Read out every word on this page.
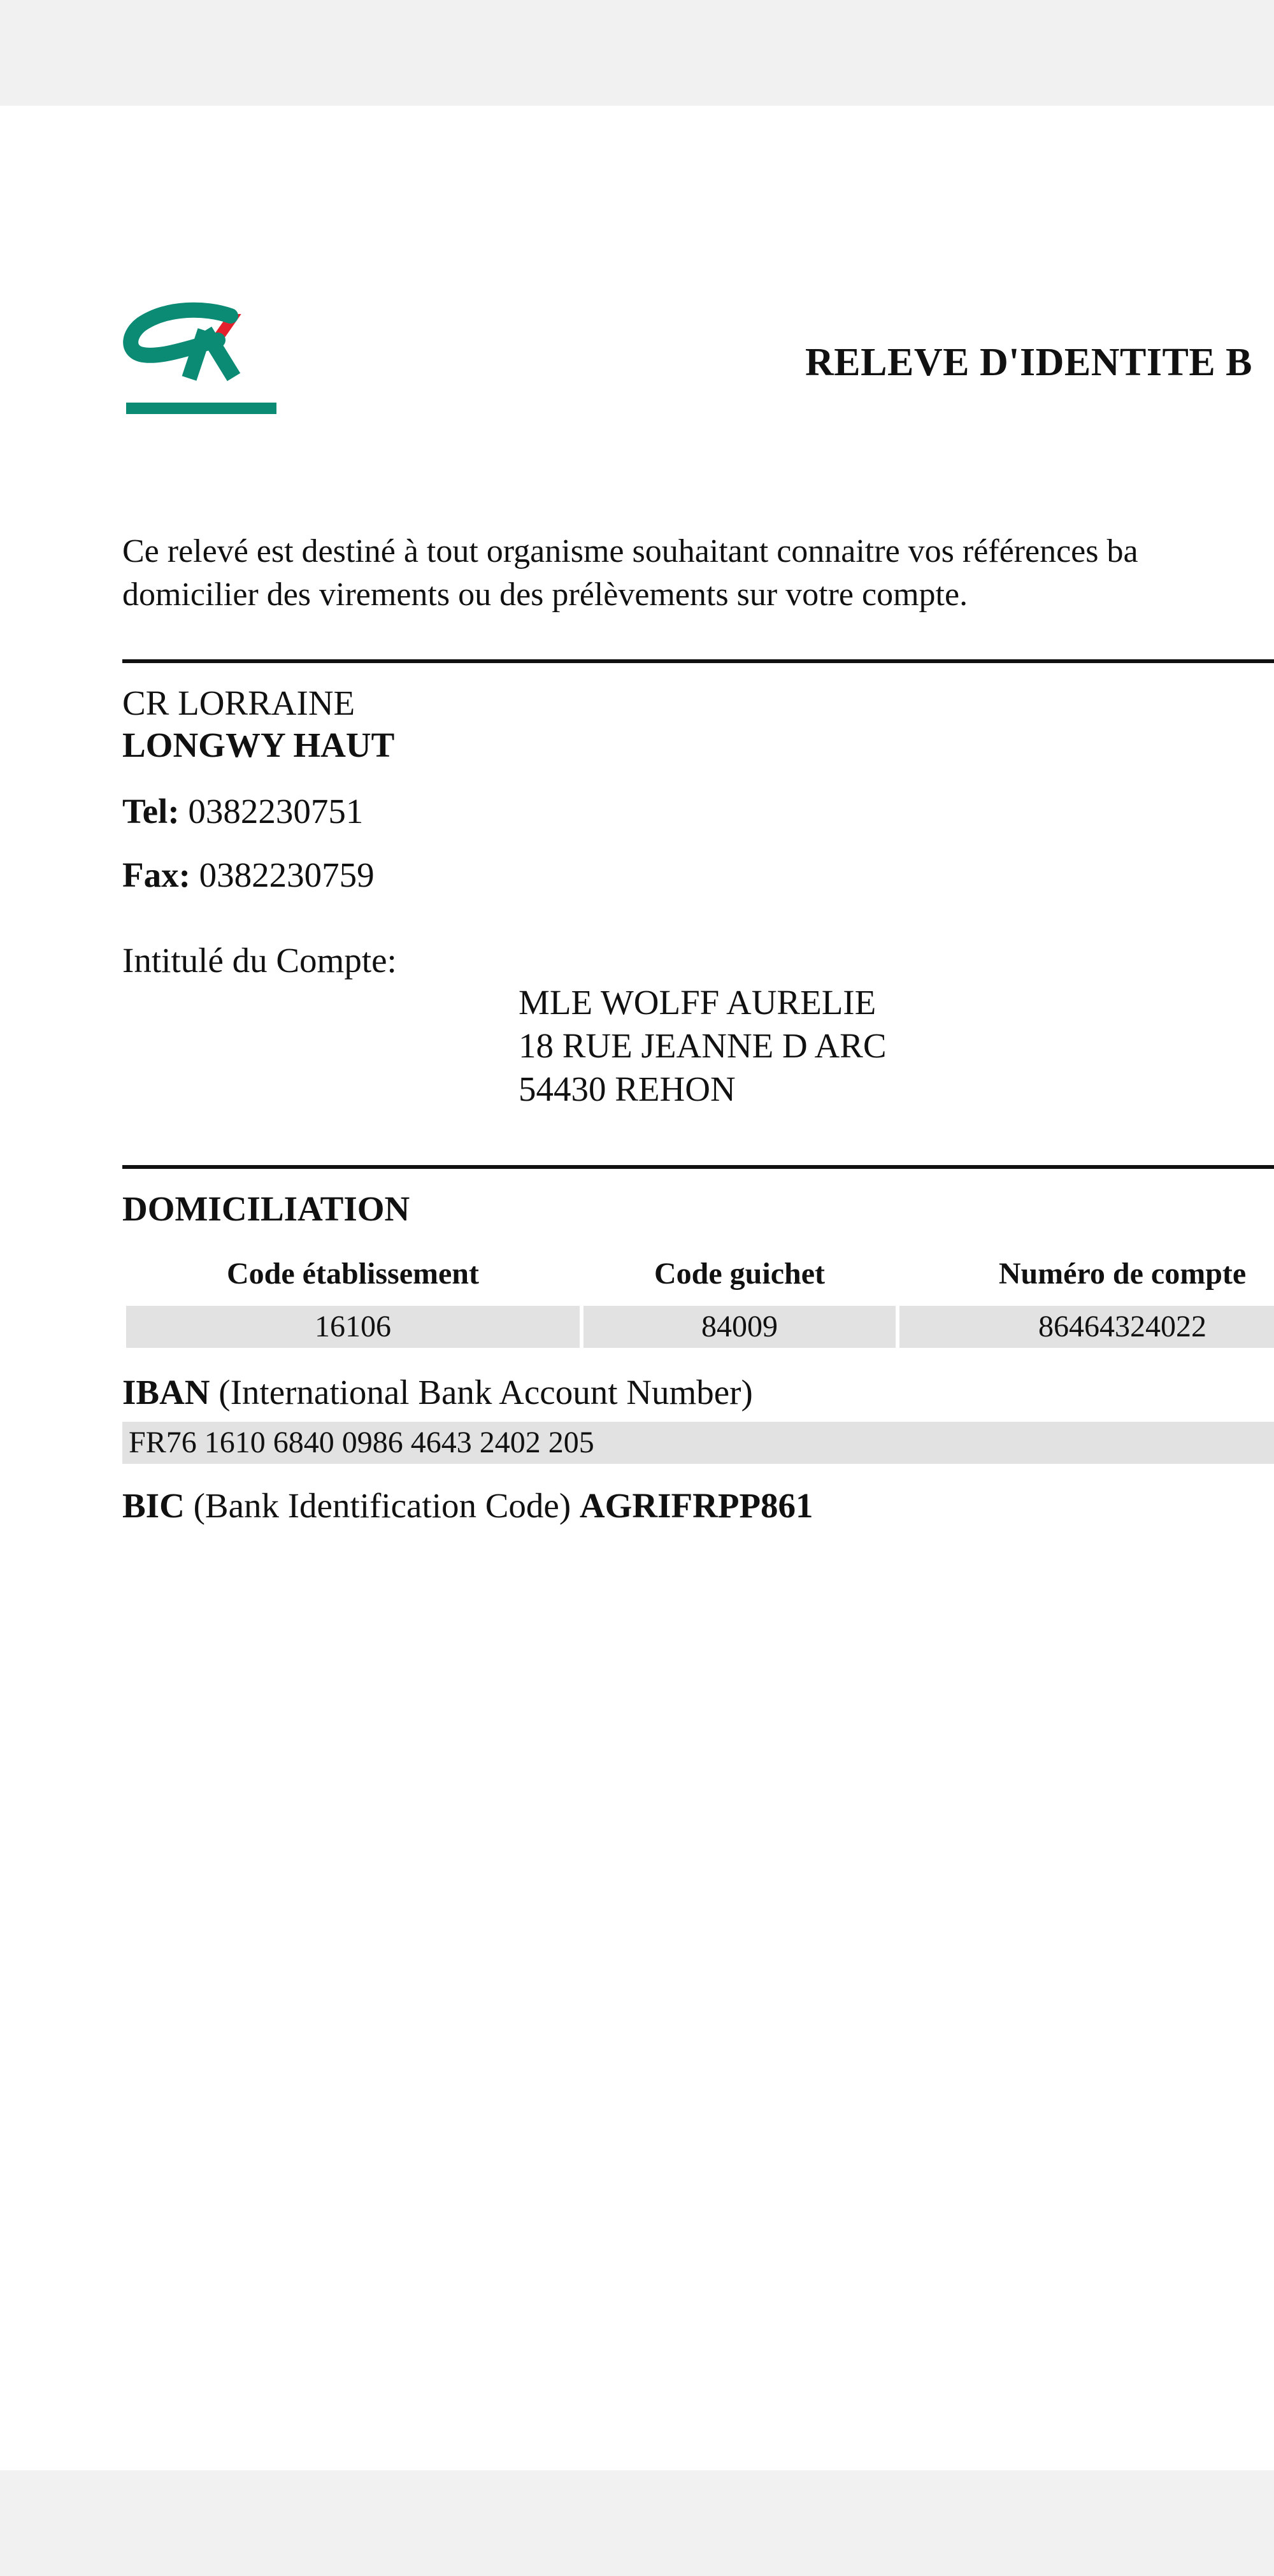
RELEVE D'IDENTITE B
Ce relevé est destiné à tout organisme souhaitant connaitre vos références ba
domicilier des virements ou des prélèvements sur votre compte.
CR LORRAINE
LONGWY HAUT
Tel: 0382230751
Fax: 0382230759
Intitulé du Compte:
MLE WOLFF AURELIE
18 RUE JEANNE D ARC
54430 REHON
DOMICILIATION
Code établissement	Code guichet	Numéro de compte
16106	84009	86464324022
IBAN (International Bank Account Number)
FR76 1610 6840 0986 4643 2402 205
BIC (Bank Identification Code) AGRIFRPP861
